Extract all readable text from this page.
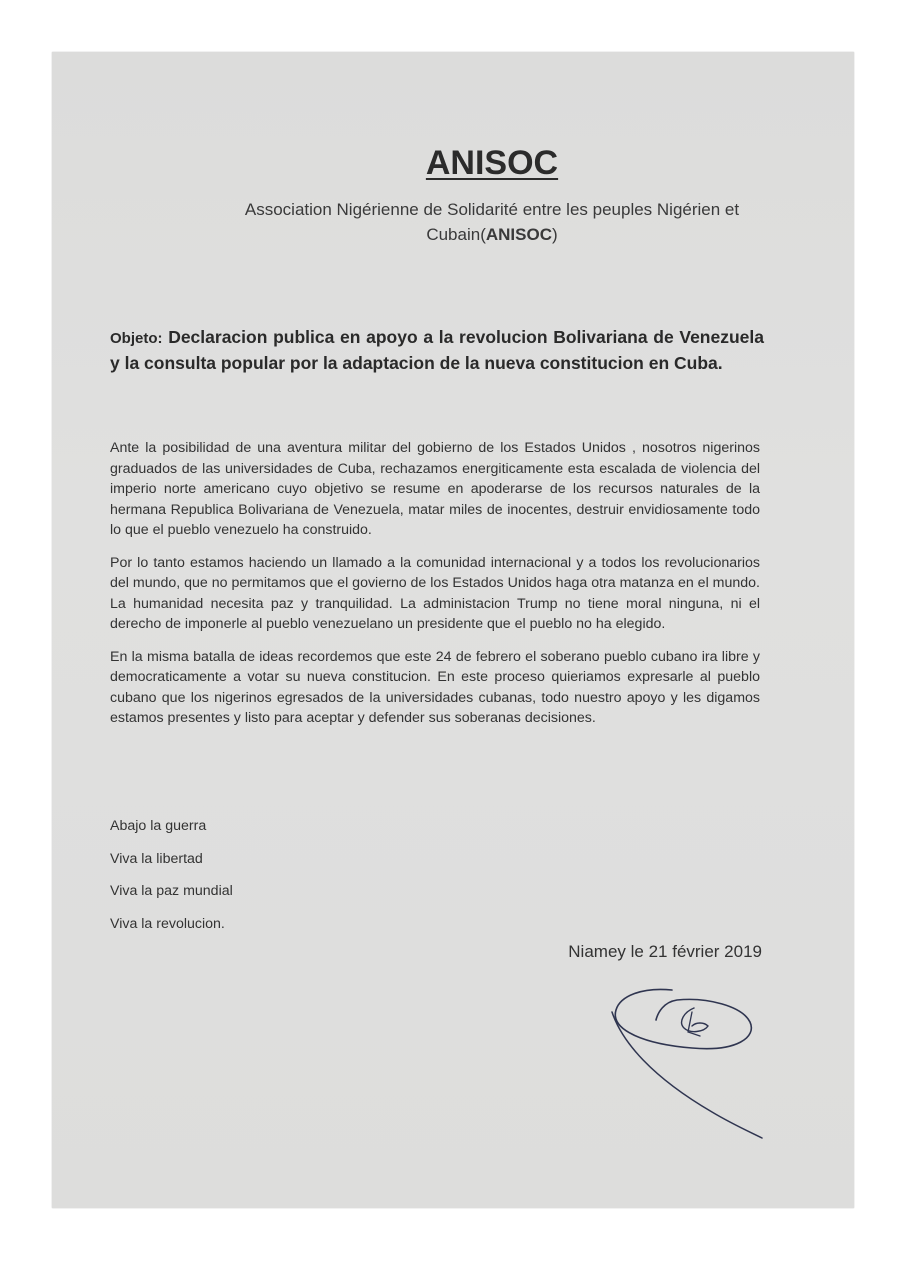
ANISOC
Association Nigérienne de Solidarité entre les peuples Nigérien et
Cubain(ANISOC)
Objeto: Declaracion publica en apoyo a la revolucion Bolivariana de Venezuela y la consulta popular por la adaptacion de la nueva constitucion en Cuba.

Ante la posibilidad de una aventura militar del gobierno de los Estados Unidos , nosotros nigerinos graduados de las universidades de Cuba, rechazamos energiticamente esta escalada de violencia del imperio norte americano cuyo objetivo se resume en apoderarse de los recursos naturales de la hermana Republica Bolivariana de Venezuela, matar miles de inocentes, destruir envidiosamente todo lo que el pueblo venezuelo ha construido.

Por lo tanto estamos haciendo un llamado a la comunidad internacional y a todos los revolucionarios del mundo, que no permitamos que el govierno de los Estados Unidos haga otra matanza en el mundo. La humanidad necesita paz y tranquilidad. La administacion Trump no tiene moral ninguna, ni el derecho de imponerle al pueblo venezuelano un presidente que el pueblo no ha elegido.

En la misma batalla de ideas recordemos que este 24 de febrero el soberano pueblo cubano ira libre y democraticamente a votar su nueva constitucion. En este proceso quieriamos expresarle al pueblo cubano que los nigerinos egresados de la universidades cubanas, todo nuestro apoyo y les digamos estamos presentes y listo para aceptar y defender sus soberanas decisiones.

Abajo la guerra
Viva la libertad
Viva la paz mundial
Viva la revolucion.
Niamey le 21 février 2019
